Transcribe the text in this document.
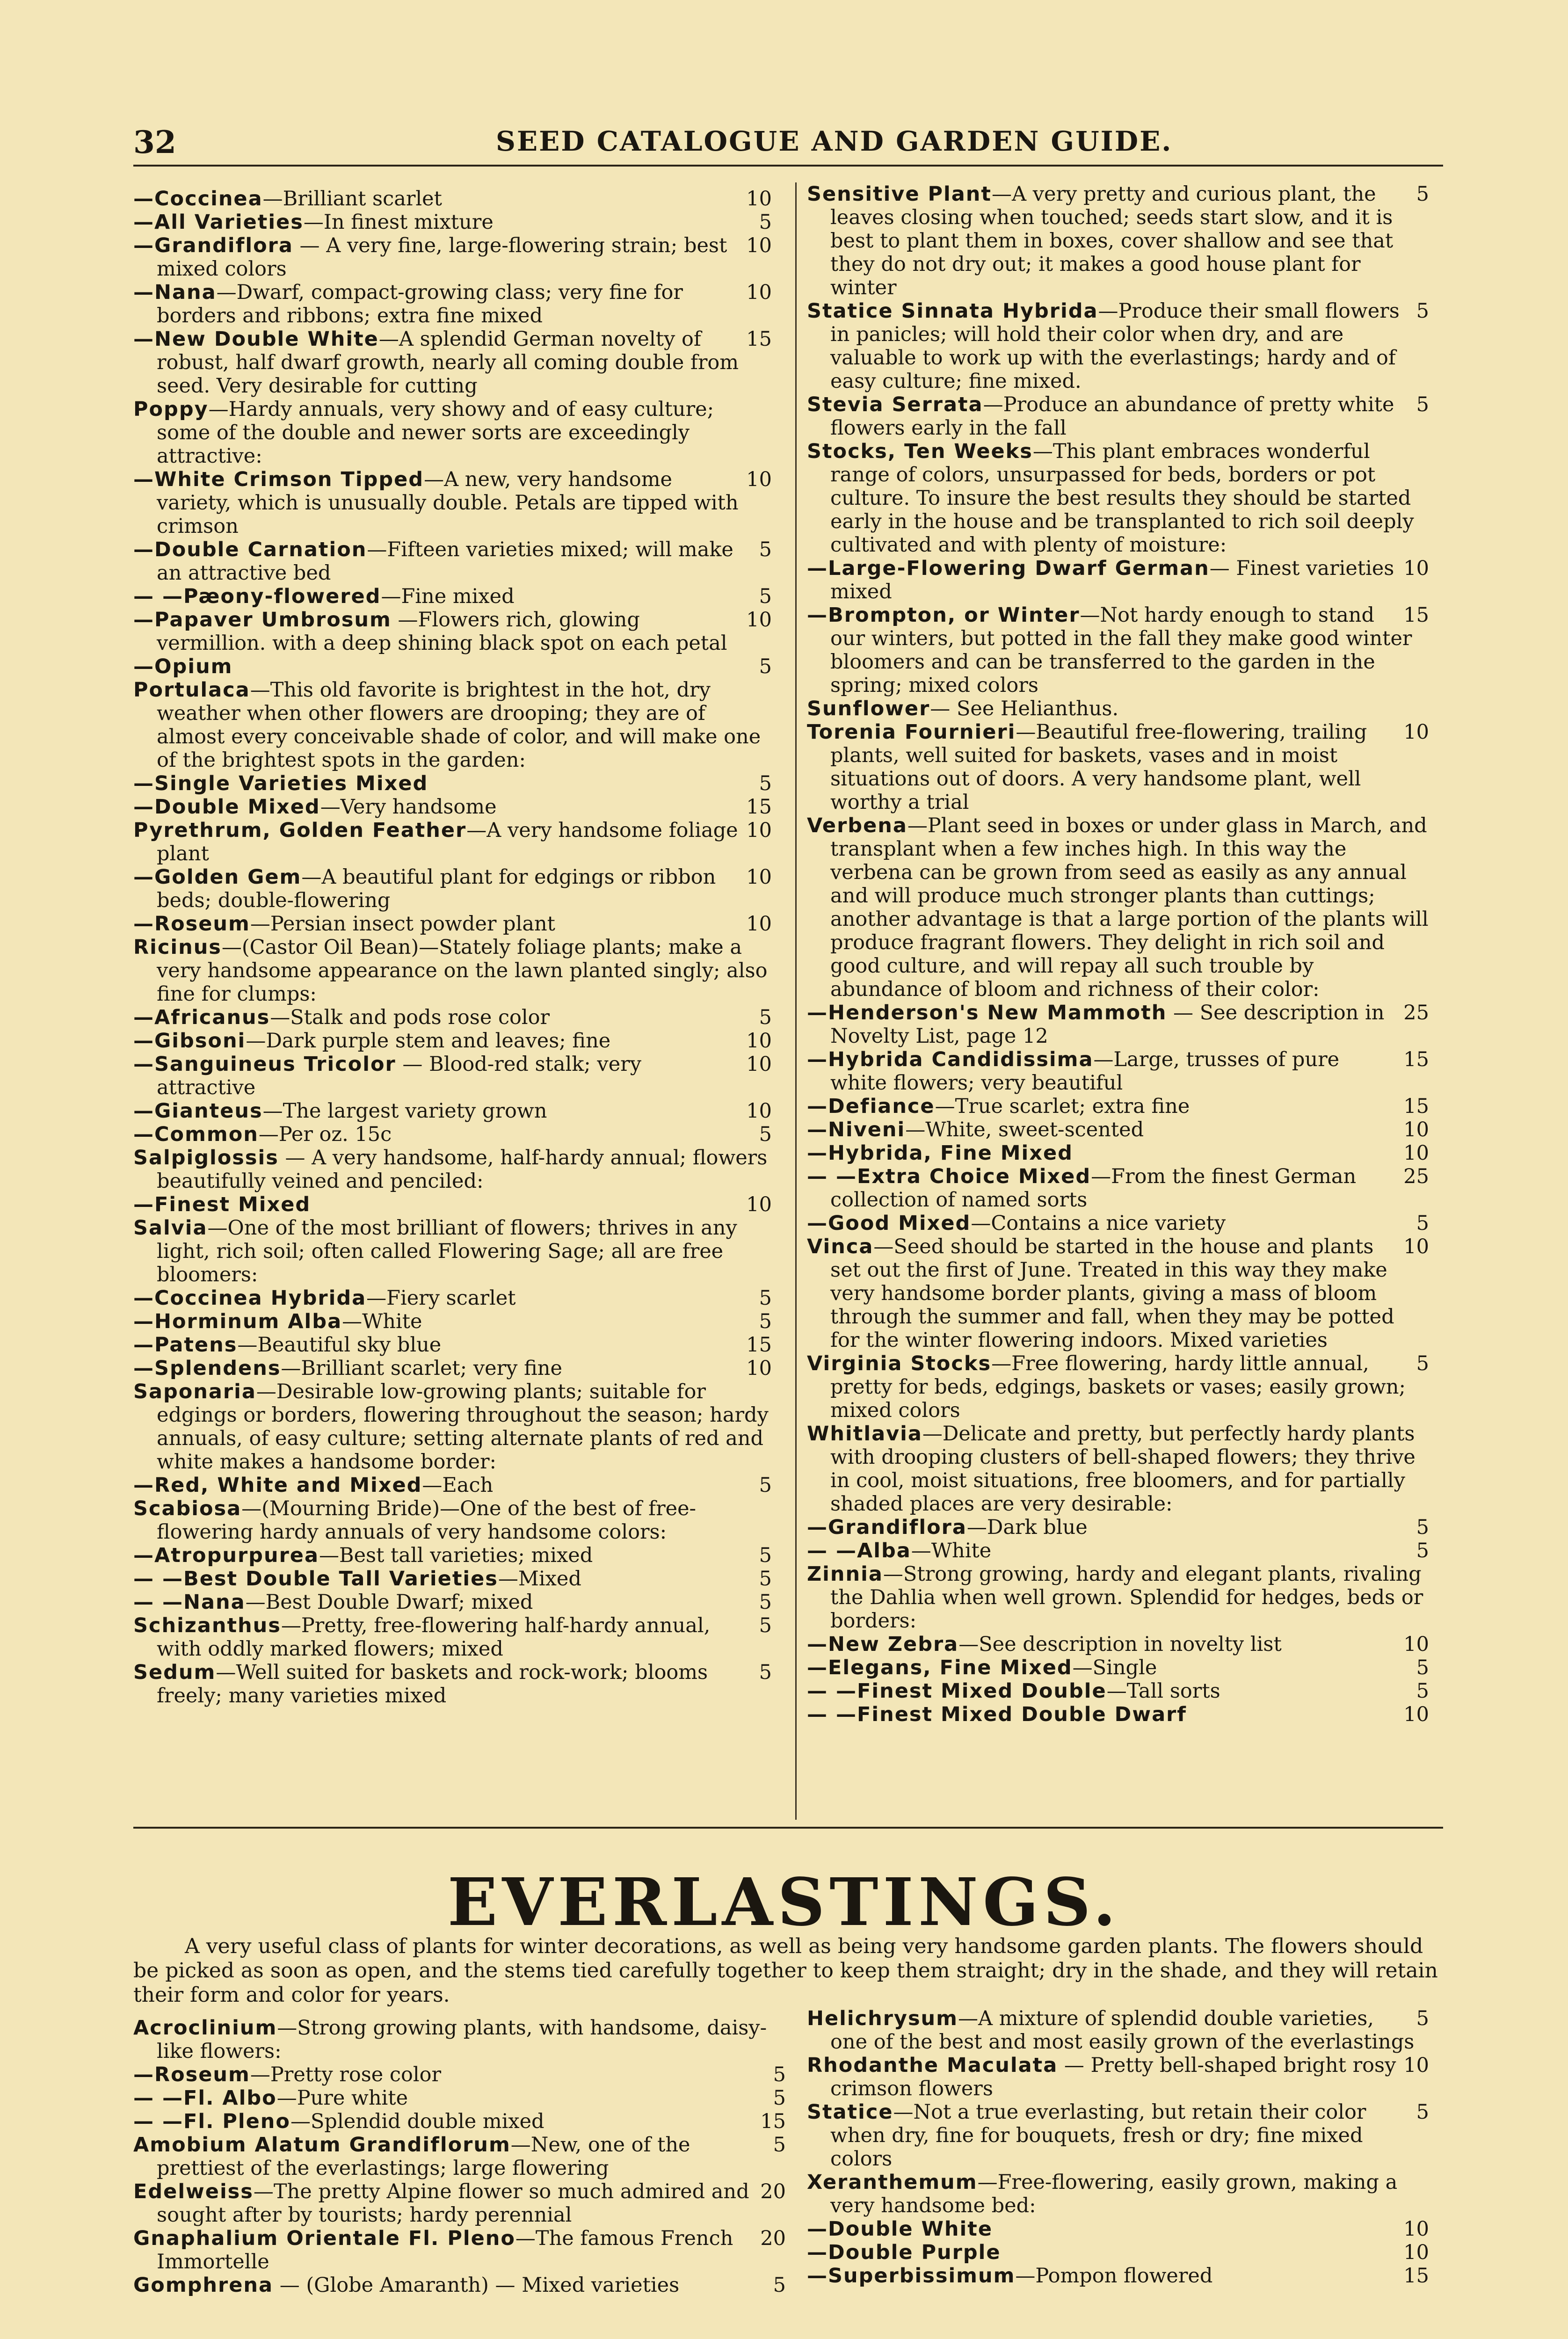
32	SEED CATALOGUE AND GARDEN GUIDE.

10
—Coccinea—Brilliant scarlet

5
—All Varieties—In finest mixture

10
—Grandiflora — A very fine, large-flowering strain; best mixed colors

10
—Nana—Dwarf, compact-growing class; very fine for borders and ribbons; extra fine mixed

15
—New Double White—A splendid German novelty of robust, half dwarf growth, nearly all coming double from seed. Very desirable for cutting

Poppy—Hardy annuals, very showy and of easy culture; some of the double and newer sorts are exceedingly attractive:

10
—White Crimson Tipped—A new, very handsome variety, which is unusually double. Petals are tipped with crimson

5
—Double Carnation—Fifteen varieties mixed; will make an attractive bed

5
— —Pæony-flowered—Fine mixed

10
—Papaver Umbrosum —Flowers rich, glowing vermillion. with a deep shining black spot on each petal

5
—Opium

Portulaca—This old favorite is brightest in the hot, dry weather when other flowers are drooping; they are of almost every conceivable shade of color, and will make one of the brightest spots in the garden:

5
—Single Varieties Mixed

15
—Double Mixed—Very handsome

10
Pyrethrum, Golden Feather—A very handsome foliage plant

10
—Golden Gem—A beautiful plant for edgings or ribbon beds; double-flowering

10
—Roseum—Persian insect powder plant

Ricinus—(Castor Oil Bean)—Stately foliage plants; make a very handsome appearance on the lawn planted singly; also fine for clumps:

5
—Africanus—Stalk and pods rose color

10
—Gibsoni—Dark purple stem and leaves; fine

10
—Sanguineus Tricolor — Blood-red stalk; very attractive

10
—Gianteus—The largest variety grown

5
—Common—Per oz. 15c

Salpiglossis — A very handsome, half-hardy annual; flowers beautifully veined and penciled:

10
—Finest Mixed

Salvia—One of the most brilliant of flowers; thrives in any light, rich soil; often called Flowering Sage; all are free bloomers:

5
—Coccinea Hybrida—Fiery scarlet

5
—Horminum Alba—White

15
—Patens—Beautiful sky blue

10
—Splendens—Brilliant scarlet; very fine

Saponaria—Desirable low-growing plants; suitable for edgings or borders, flowering throughout the season; hardy annuals, of easy culture; setting alternate plants of red and white makes a handsome border:

5
—Red, White and Mixed—Each

Scabiosa—(Mourning Bride)—One of the best of free-flowering hardy annuals of very handsome colors:

5
—Atropurpurea—Best tall varieties; mixed

5
— —Best Double Tall Varieties—Mixed

5
— —Nana—Best Double Dwarf; mixed

5
Schizanthus—Pretty, free-flowering half-hardy annual, with oddly marked flowers; mixed

5
Sedum—Well suited for baskets and rock-work; blooms freely; many varieties mixed

5
Sensitive Plant—A very pretty and curious plant, the leaves closing when touched; seeds start slow, and it is best to plant them in boxes, cover shallow and see that they do not dry out; it makes a good house plant for winter

5
Statice Sinnata Hybrida—Produce their small flowers in panicles; will hold their color when dry, and are valuable to work up with the everlastings; hardy and of easy culture; fine mixed.

5
Stevia Serrata—Produce an abundance of pretty white flowers early in the fall

Stocks, Ten Weeks—This plant embraces wonderful range of colors, unsurpassed for beds, borders or pot culture. To insure the best results they should be started early in the house and be transplanted to rich soil deeply cultivated and with plenty of moisture:

10
—Large-Flowering Dwarf German— Finest varieties mixed

15
—Brompton, or Winter—Not hardy enough to stand our winters, but potted in the fall they make good winter bloomers and can be transferred to the garden in the spring; mixed colors

Sunflower— See Helianthus.

10
Torenia Fournieri—Beautiful free-flowering, trailing plants, well suited for baskets, vases and in moist situations out of doors. A very handsome plant, well worthy a trial

Verbena—Plant seed in boxes or under glass in March, and transplant when a few inches high. In this way the verbena can be grown from seed as easily as any annual and will produce much stronger plants than cuttings; another advantage is that a large portion of the plants will produce fragrant flowers. They delight in rich soil and good culture, and will repay all such trouble by abundance of bloom and richness of their color:

25
—Henderson's New Mammoth — See description in Novelty List, page 12

15
—Hybrida Candidissima—Large, trusses of pure white flowers; very beautiful

15
—Defiance—True scarlet; extra fine

10
—Niveni—White, sweet-scented

10
—Hybrida, Fine Mixed

25
— —Extra Choice Mixed—From the finest German collection of named sorts

5
—Good Mixed—Contains a nice variety

10
Vinca—Seed should be started in the house and plants set out the first of June. Treated in this way they make very handsome border plants, giving a mass of bloom through the summer and fall, when they may be potted for the winter flowering indoors. Mixed varieties

5
Virginia Stocks—Free flowering, hardy little annual, pretty for beds, edgings, baskets or vases; easily grown; mixed colors

Whitlavia—Delicate and pretty, but perfectly hardy plants with drooping clusters of bell-shaped flowers; they thrive in cool, moist situations, free bloomers, and for partially shaded places are very desirable:

5
—Grandiflora—Dark blue

5
— —Alba—White

Zinnia—Strong growing, hardy and elegant plants, rivaling the Dahlia when well grown. Splendid for hedges, beds or borders:

10
—New Zebra—See description in novelty list

5
—Elegans, Fine Mixed—Single

5
— —Finest Mixed Double—Tall sorts

10
— —Finest Mixed Double Dwarf

EVERLASTINGS.
A very useful class of plants for winter decorations, as well as being very handsome garden plants. The flowers should be picked as soon as open, and the stems tied carefully together to keep them straight; dry in the shade, and they will retain their form and color for years.

Acroclinium—Strong growing plants, with handsome, daisy-like flowers:

5
—Roseum—Pretty rose color

5
— —Fl. Albo—Pure white

15
— —Fl. Pleno—Splendid double mixed

5
Amobium Alatum Grandiflorum—New, one of the prettiest of the everlastings; large flowering

20
Edelweiss—The pretty Alpine flower so much admired and sought after by tourists; hardy perennial

20
Gnaphalium Orientale Fl. Pleno—The famous French Immortelle

5
Gomphrena — (Globe Amaranth) — Mixed varieties

5
Helichrysum—A mixture of splendid double varieties, one of the best and most easily grown of the everlastings

10
Rhodanthe Maculata — Pretty bell-shaped bright rosy crimson flowers

5
Statice—Not a true everlasting, but retain their color when dry, fine for bouquets, fresh or dry; fine mixed colors

Xeranthemum—Free-flowering, easily grown, making a very handsome bed:

10
—Double White

10
—Double Purple

15
—Superbissimum—Pompon flowered
